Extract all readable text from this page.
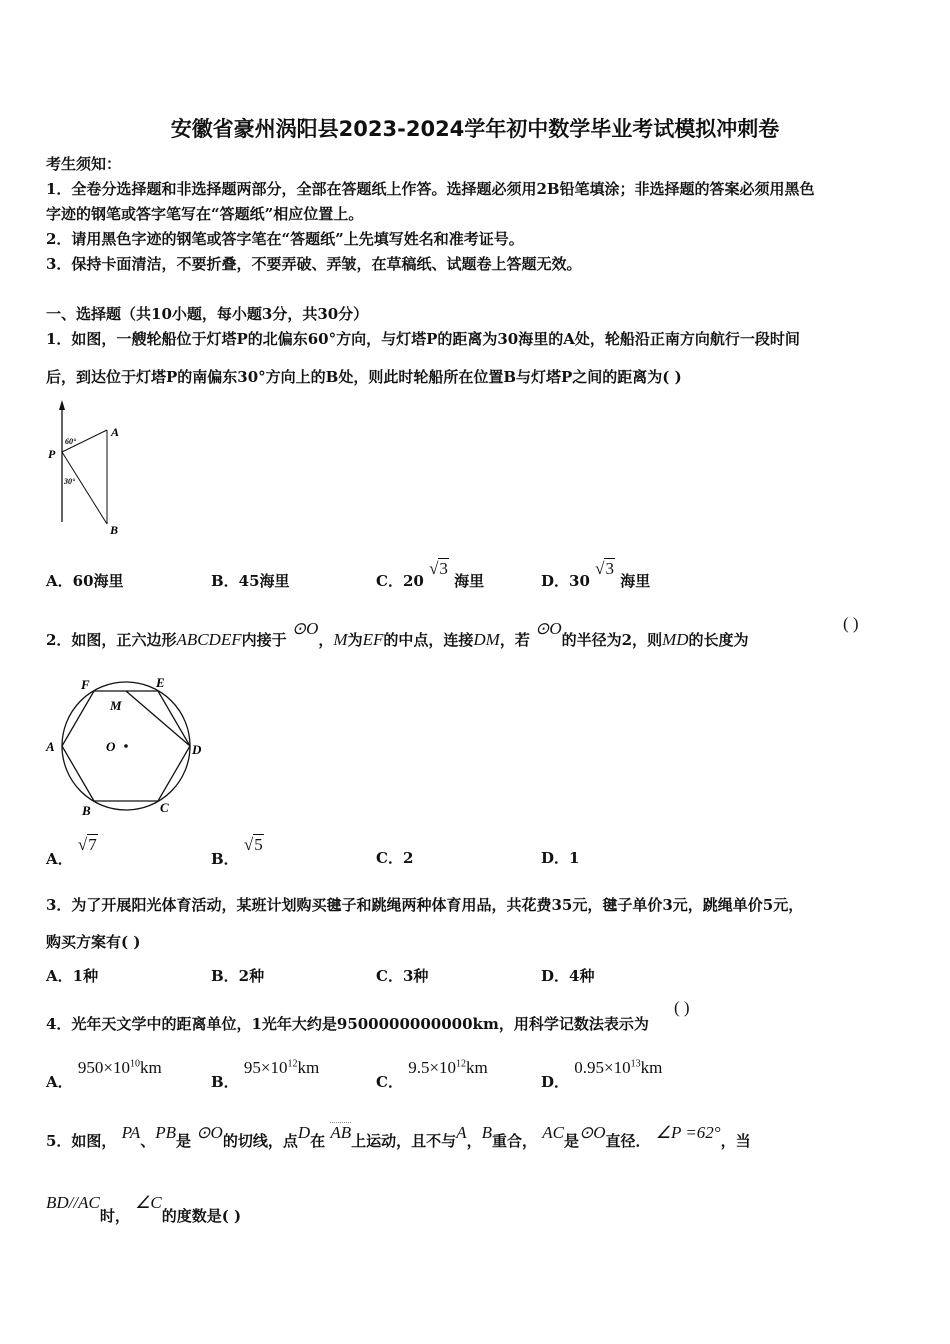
安徽省豪州涡阳县2023-2024学年初中数学毕业考试模拟冲刺卷
考生须知：
1．全卷分选择题和非选择题两部分，全部在答题纸上作答。选择题必须用2B铅笔填涂；非选择题的答案必须用黑色
字迹的钢笔或答字笔写在“答题纸”相应位置上。
2．请用黑色字迹的钢笔或答字笔在“答题纸”上先填写姓名和准考证号。
3．保持卡面清洁，不要折叠，不要弄破、弄皱，在草稿纸、试题卷上答题无效。
一、选择题（共10小题，每小题3分，共30分）
1．如图，一艘轮船位于灯塔P的北偏东60°方向，与灯塔P的距离为30海里的A处，轮船沿正南方向航行一段时间
后，到达位于灯塔P的南偏东30°方向上的B处，则此时轮船所在位置B与灯塔P之间的距离为( )
A
B
P
60°
30°
A．60海里	B．45海里	C．20 √3 海里	D．30 √3 海里
2．如图，正六边形ABCDEF内接于 ⊙O，M为EF的中点，连接DM，若 ⊙O的半径为2，则MD的长度为
( )
F	E
M
A	O	D
B	C
A． √7
B． √5
C．2	D．1
3．为了开展阳光体育活动，某班计划购买毽子和跳绳两种体育用品，共花费35元，毽子单价3元，跳绳单价5元，
购买方案有( )
A．1种	B．2种	C．3种	D．4种
4．光年天文学中的距离单位，1光年大约是9500000000000km，用科学记数法表示为
( )
A． $950\times 10^{10}km$
B． $95\times 10^{12}km$
C． $9.5\times 10^{12}km$
D． $0.95\times 10^{13}km$
5．如图， PA、PB是 ⊙O的切线，点D在 AB上运动，且不与A，B重合， AC是⊙O直径． ∠P =62°，当
BD//AC时， ∠C的度数是( )
